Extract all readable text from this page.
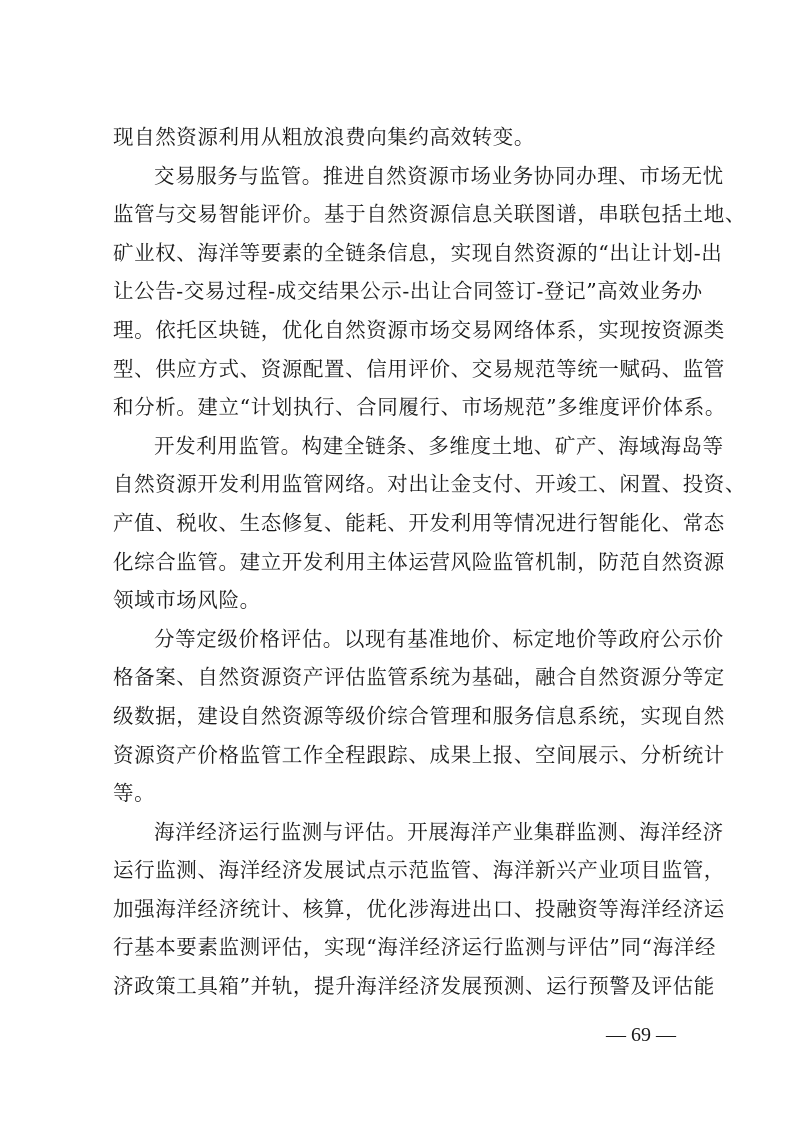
现自然资源利用从粗放浪费向集约高效转变。
交易服务与监管。推进自然资源市场业务协同办理、市场无忧
监管与交易智能评价。基于自然资源信息关联图谱，串联包括土地、
矿业权、海洋等要素的全链条信息，实现自然资源的“出让计划-出
让公告-交易过程-成交结果公示-出让合同签订-登记”高效业务办
理。依托区块链，优化自然资源市场交易网络体系，实现按资源类
型、供应方式、资源配置、信用评价、交易规范等统一赋码、监管
和分析。建立“计划执行、合同履行、市场规范”多维度评价体系。
开发利用监管。构建全链条、多维度土地、矿产、海域海岛等
自然资源开发利用监管网络。对出让金支付、开竣工、闲置、投资、
产值、税收、生态修复、能耗、开发利用等情况进行智能化、常态
化综合监管。建立开发利用主体运营风险监管机制，防范自然资源
领域市场风险。
分等定级价格评估。以现有基准地价、标定地价等政府公示价
格备案、自然资源资产评估监管系统为基础，融合自然资源分等定
级数据，建设自然资源等级价综合管理和服务信息系统，实现自然
资源资产价格监管工作全程跟踪、成果上报、空间展示、分析统计
等。
海洋经济运行监测与评估。开展海洋产业集群监测、海洋经济
运行监测、海洋经济发展试点示范监管、海洋新兴产业项目监管，
加强海洋经济统计、核算，优化涉海进出口、投融资等海洋经济运
行基本要素监测评估，实现“海洋经济运行监测与评估”同“海洋经
济政策工具箱”并轨，提升海洋经济发展预测、运行预警及评估能
— 69 —
